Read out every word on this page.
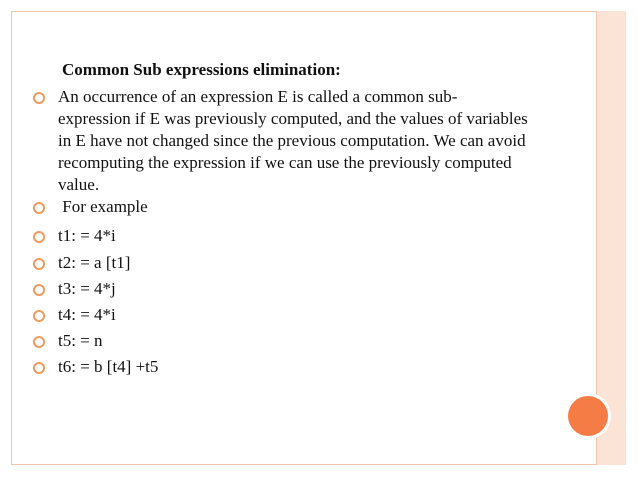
Common Sub expressions elimination:
An occurrence of an expression E is called a common sub-expression if E was previously computed, and the values of variables in E have not changed since the previous computation. We can avoid recomputing the expression if we can use the previously computed value.
For example
t1: = 4*i
t2: = a [t1]
t3: = 4*j
t4: = 4*i
t5: = n
t6: = b [t4] +t5
